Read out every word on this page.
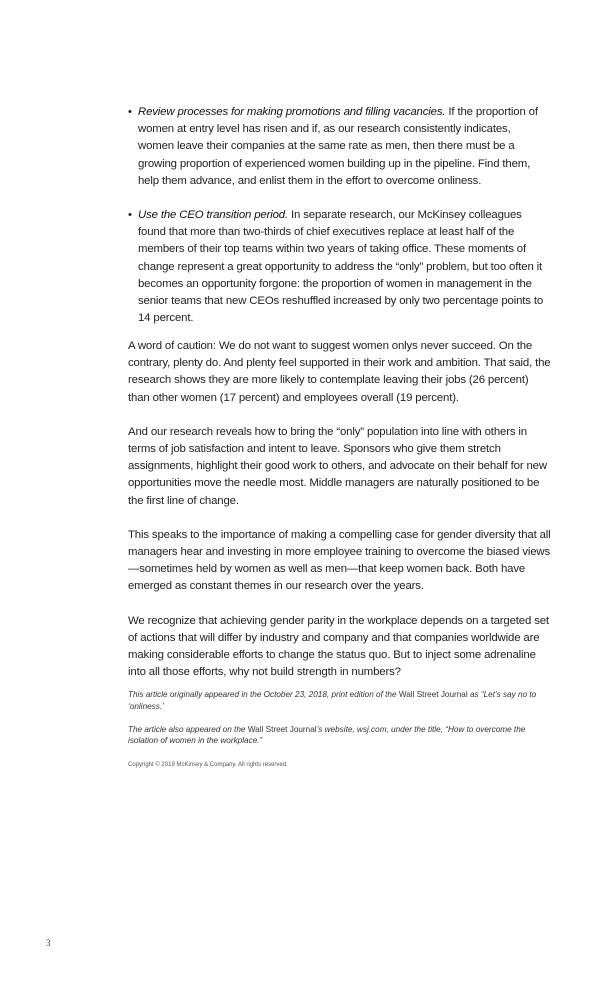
• Review processes for making promotions and filling vacancies. If the proportion of women at entry level has risen and if, as our research consistently indicates, women leave their companies at the same rate as men, then there must be a growing proportion of experienced women building up in the pipeline. Find them, help them advance, and enlist them in the effort to overcome onliness.
• Use the CEO transition period. In separate research, our McKinsey colleagues found that more than two-thirds of chief executives replace at least half of the members of their top teams within two years of taking office. These moments of change represent a great opportunity to address the “only” problem, but too often it becomes an opportunity forgone: the proportion of women in management in the senior teams that new CEOs reshuffled increased by only two percentage points to 14 percent.

A word of caution: We do not want to suggest women onlys never succeed. On the contrary, plenty do. And plenty feel supported in their work and ambition. That said, the research shows they are more likely to contemplate leaving their jobs (26 percent) than other women (17 percent) and employees overall (19 percent).

And our research reveals how to bring the “only” population into line with others in terms of job satisfaction and intent to leave. Sponsors who give them stretch assignments, highlight their good work to others, and advocate on their behalf for new opportunities move the needle most. Middle managers are naturally positioned to be the first line of change.

This speaks to the importance of making a compelling case for gender diversity that all managers hear and investing in more employee training to overcome the biased views—sometimes held by women as well as men—that keep women back. Both have emerged as constant themes in our research over the years.

We recognize that achieving gender parity in the workplace depends on a targeted set of actions that will differ by industry and company and that companies worldwide are making considerable efforts to change the status quo. But to inject some adrenaline into all those efforts, why not build strength in numbers?

This article originally appeared in the October 23, 2018, print edition of the Wall Street Journal as “Let’s say no to ‘onliness.’

The article also appeared on the Wall Street Journal’s website, wsj.com, under the title, “How to overcome the isolation of women in the workplace.”

Copyright © 2019 McKinsey & Company. All rights reserved.
3
